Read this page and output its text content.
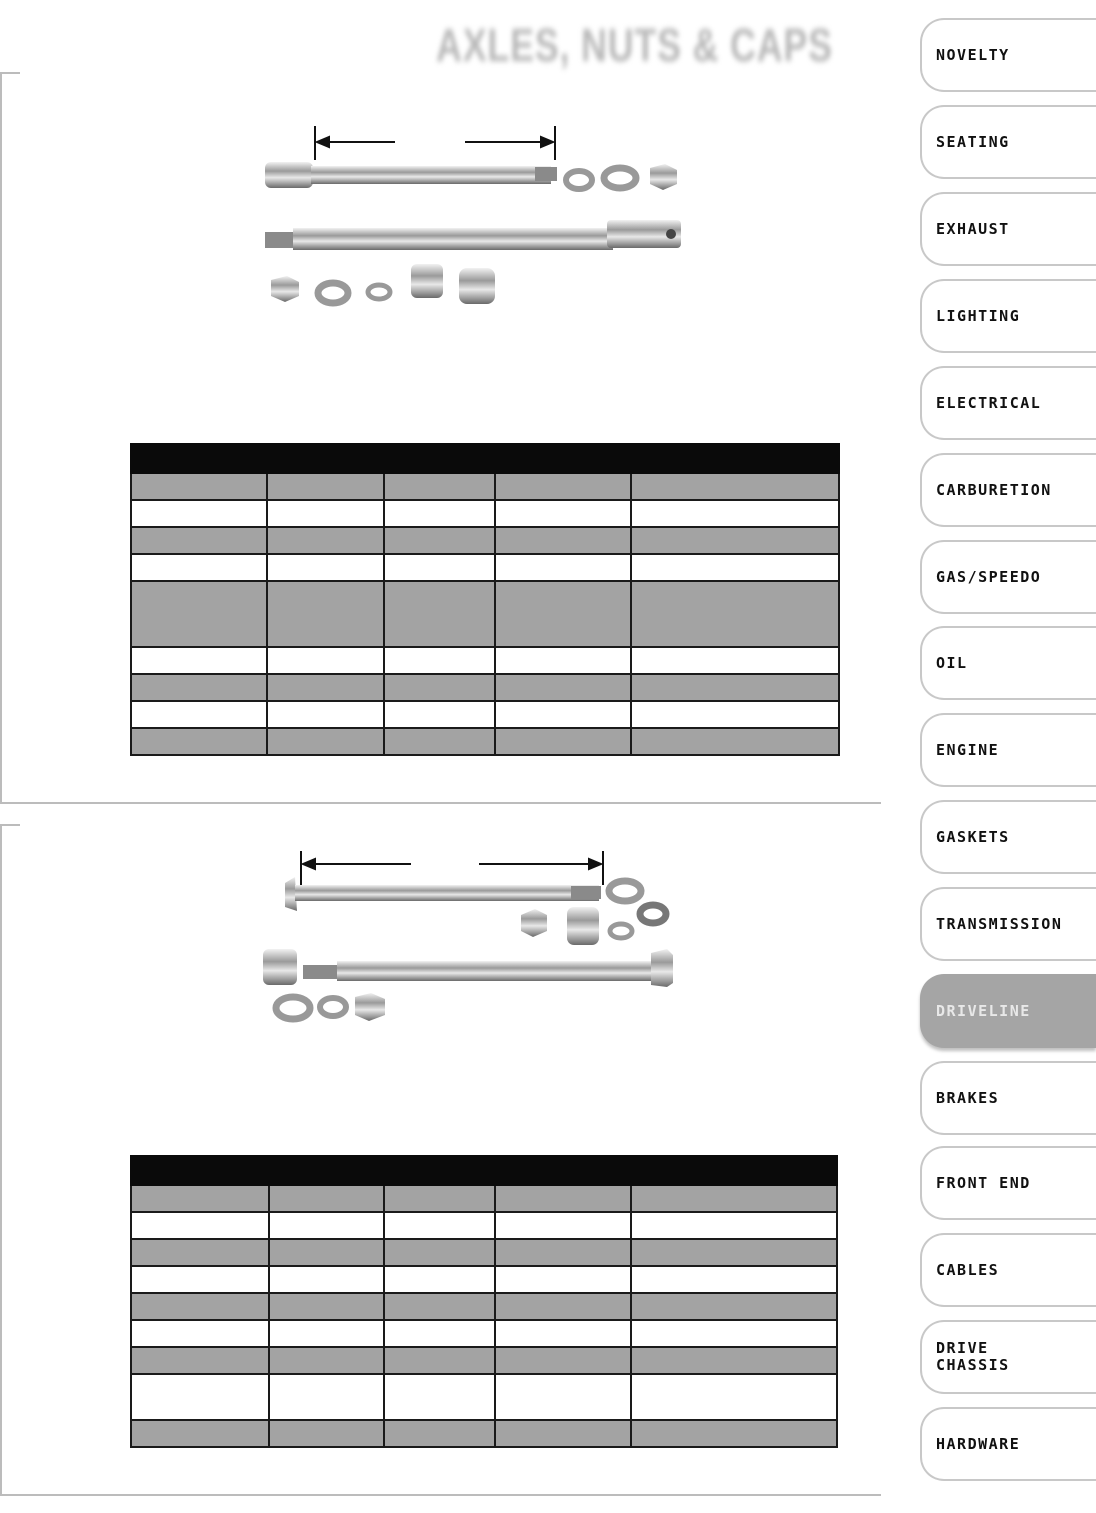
AXLES, NUTS & CAPS

					NOVELTY
SEATING
EXHAUST
LIGHTING
ELECTRICAL
CARBURETION
GAS/SPEEDO
OIL
ENGINE
GASKETS
TRANSMISSION
DRIVELINE
BRAKES
FRONT END
CABLES
DRIVE
CHASSIS
HARDWARE
